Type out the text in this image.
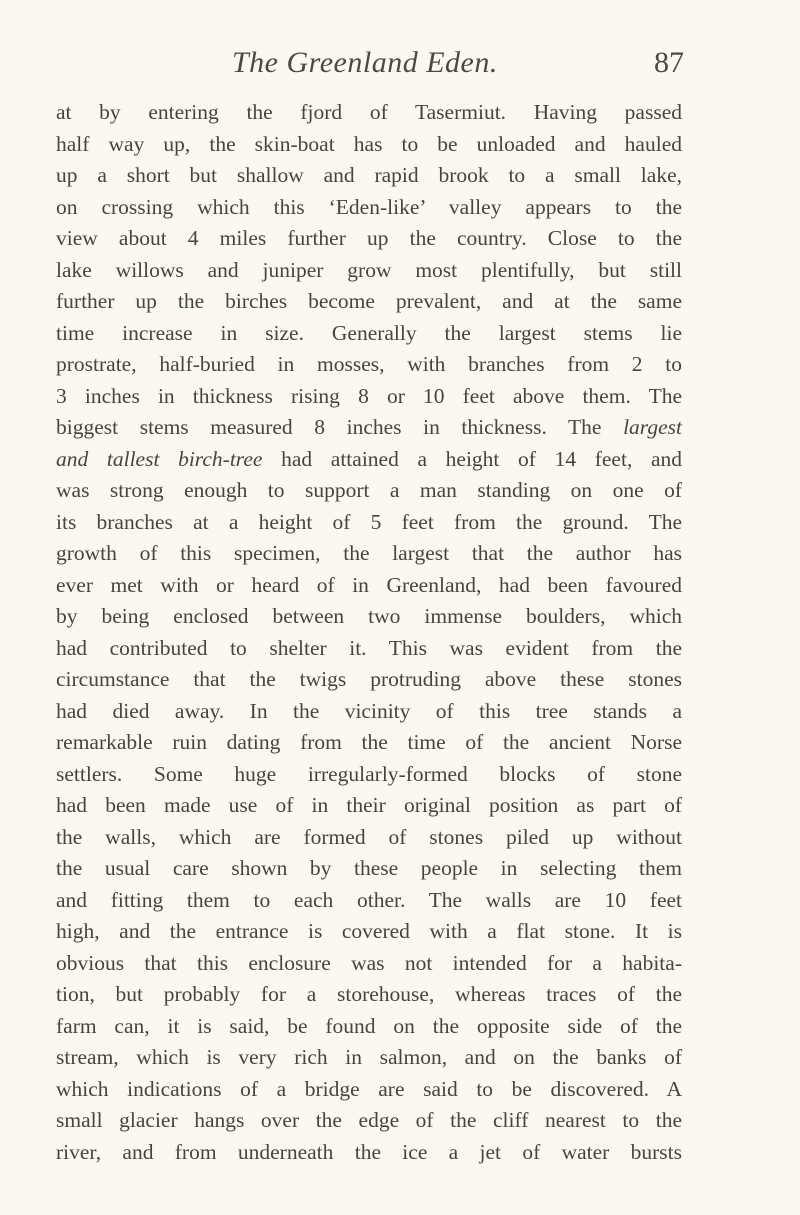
The Greenland Eden.	87
at by entering the fjord of Tasermiut. Having passed
half way up, the skin-boat has to be unloaded and hauled
up a short but shallow and rapid brook to a small lake,
on crossing which this ‘Eden-like’ valley appears to the
view about 4 miles further up the country. Close to the
lake willows and juniper grow most plentifully, but still
further up the birches become prevalent, and at the same
time increase in size. Generally the largest stems lie
prostrate, half-buried in mosses, with branches from 2 to
3 inches in thickness rising 8 or 10 feet above them. The
biggest stems measured 8 inches in thickness. The largest
and tallest birch-tree had attained a height of 14 feet, and
was strong enough to support a man standing on one of
its branches at a height of 5 feet from the ground. The
growth of this specimen, the largest that the author has
ever met with or heard of in Greenland, had been favoured
by being enclosed between two immense boulders, which
had contributed to shelter it. This was evident from the
circumstance that the twigs protruding above these stones
had died away. In the vicinity of this tree stands a
remarkable ruin dating from the time of the ancient Norse
settlers. Some huge irregularly-formed blocks of stone
had been made use of in their original position as part of
the walls, which are formed of stones piled up without
the usual care shown by these people in selecting them
and fitting them to each other. The walls are 10 feet
high, and the entrance is covered with a flat stone. It is
obvious that this enclosure was not intended for a habita-
tion, but probably for a storehouse, whereas traces of the
farm can, it is said, be found on the opposite side of the
stream, which is very rich in salmon, and on the banks of
which indications of a bridge are said to be discovered. A
small glacier hangs over the edge of the cliff nearest to the
river, and from underneath the ice a jet of water bursts
